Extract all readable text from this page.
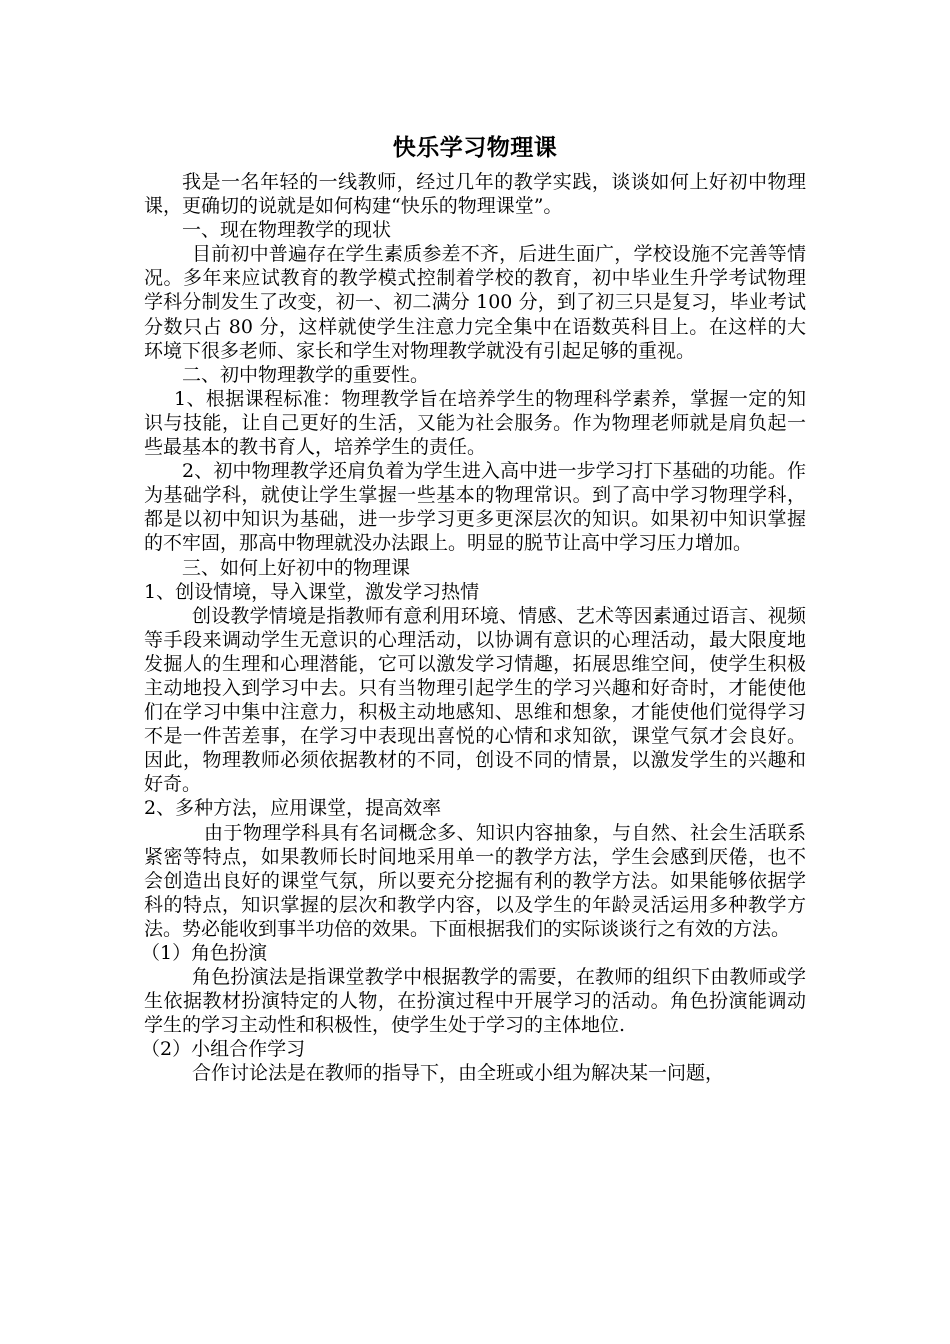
快乐学习物理课

我是一名年轻的一线教师，经过几年的教学实践，谈谈如何上好初中物理课，更确切的说就是如何构建“快乐的物理课堂”。

一、现在物理教学的现状

目前初中普遍存在学生素质参差不齐，后进生面广，学校设施不完善等情况。多年来应试教育的教学模式控制着学校的教育，初中毕业生升学考试物理学科分制发生了改变，初一、初二满分 100 分，到了初三只是复习，毕业考试分数只占 80 分，这样就使学生注意力完全集中在语数英科目上。在这样的大环境下很多老师、家长和学生对物理教学就没有引起足够的重视。

二、初中物理教学的重要性。

1、根据课程标准：物理教学旨在培养学生的物理科学素养，掌握一定的知识与技能，让自己更好的生活，又能为社会服务。作为物理老师就是肩负起一些最基本的教书育人，培养学生的责任。

2、初中物理教学还肩负着为学生进入高中进一步学习打下基础的功能。作为基础学科，就使让学生掌握一些基本的物理常识。到了高中学习物理学科，都是以初中知识为基础，进一步学习更多更深层次的知识。如果初中知识掌握的不牢固，那高中物理就没办法跟上。明显的脱节让高中学习压力增加。

三、如何上好初中的物理课

1、创设情境，导入课堂，激发学习热情

创设教学情境是指教师有意利用环境、情感、艺术等因素通过语言、视频等手段来调动学生无意识的心理活动，以协调有意识的心理活动，最大限度地发掘人的生理和心理潜能，它可以激发学习情趣，拓展思维空间，使学生积极主动地投入到学习中去。只有当物理引起学生的学习兴趣和好奇时，才能使他们在学习中集中注意力，积极主动地感知、思维和想象，才能使他们觉得学习不是一件苦差事，在学习中表现出喜悦的心情和求知欲，课堂气氛才会良好。因此，物理教师必须依据教材的不同，创设不同的情景，以激发学生的兴趣和好奇。

2、多种方法，应用课堂，提高效率

由于物理学科具有名词概念多、知识内容抽象，与自然、社会生活联系紧密等特点，如果教师长时间地采用单一的教学方法，学生会感到厌倦，也不会创造出良好的课堂气氛，所以要充分挖掘有利的教学方法。如果能够依据学科的特点，知识掌握的层次和教学内容，以及学生的年龄灵活运用多种教学方法。势必能收到事半功倍的效果。下面根据我们的实际谈谈行之有效的方法。

（1）角色扮演

角色扮演法是指课堂教学中根据教学的需要，在教师的组织下由教师或学生依据教材扮演特定的人物，在扮演过程中开展学习的活动。角色扮演能调动学生的学习主动性和积极性，使学生处于学习的主体地位.

（2）小组合作学习

合作讨论法是在教师的指导下，由全班或小组为解决某一问题，
